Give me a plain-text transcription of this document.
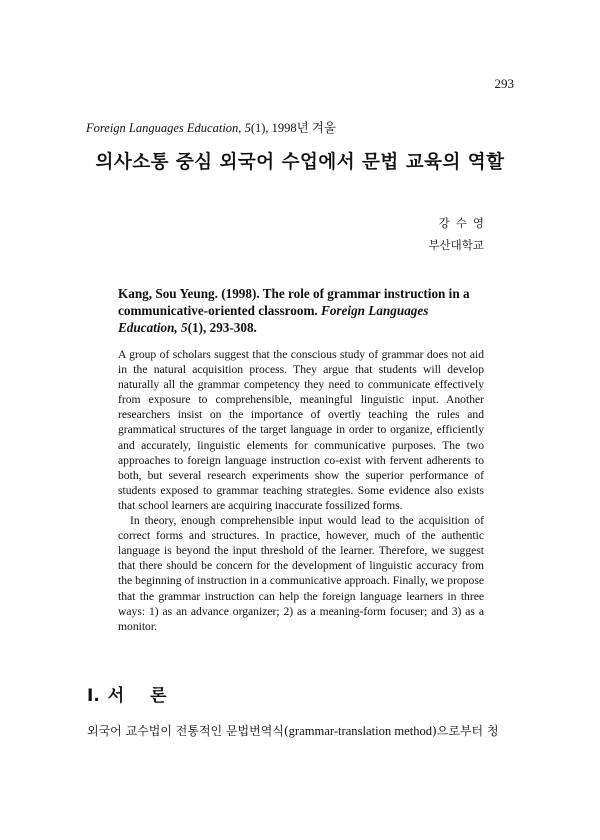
293
Foreign Languages Education, 5(1), 1998년 겨울
의사소통 중심 외국어 수업에서 문법 교육의 역할
강수영
부산대학교
Kang, Sou Yeung. (1998). The role of grammar instruction in a communicative-oriented classroom. Foreign Languages Education, 5(1), 293-308.

A group of scholars suggest that the conscious study of grammar does not aid in the natural acquisition process. They argue that students will develop naturally all the grammar competency they need to communicate effectively from exposure to comprehensible, meaningful linguistic input. Another researchers insist on the importance of overtly teaching the rules and grammatical structures of the target language in order to organize, efficiently and accurately, linguistic elements for communicative purposes. The two approaches to foreign language instruction co-exist with fervent adherents to both, but several research experiments show the superior performance of students exposed to grammar teaching strategies. Some evidence also exists that school learners are acquiring inaccurate fossilized forms.

In theory, enough comprehensible input would lead to the acquisition of correct forms and structures. In practice, however, much of the authentic language is beyond the input threshold of the learner. Therefore, we suggest that there should be concern for the development of linguistic accuracy from the beginning of instruction in a communicative approach. Finally, we propose that the grammar instruction can help the foreign language learners in three ways: 1) as an advance organizer; 2) as a meaning-form focuser; and 3) as a monitor.

Ⅰ. 서 론
외국어 교수법이 전통적인 문법번역식(grammar-translation method)으로부터 청
